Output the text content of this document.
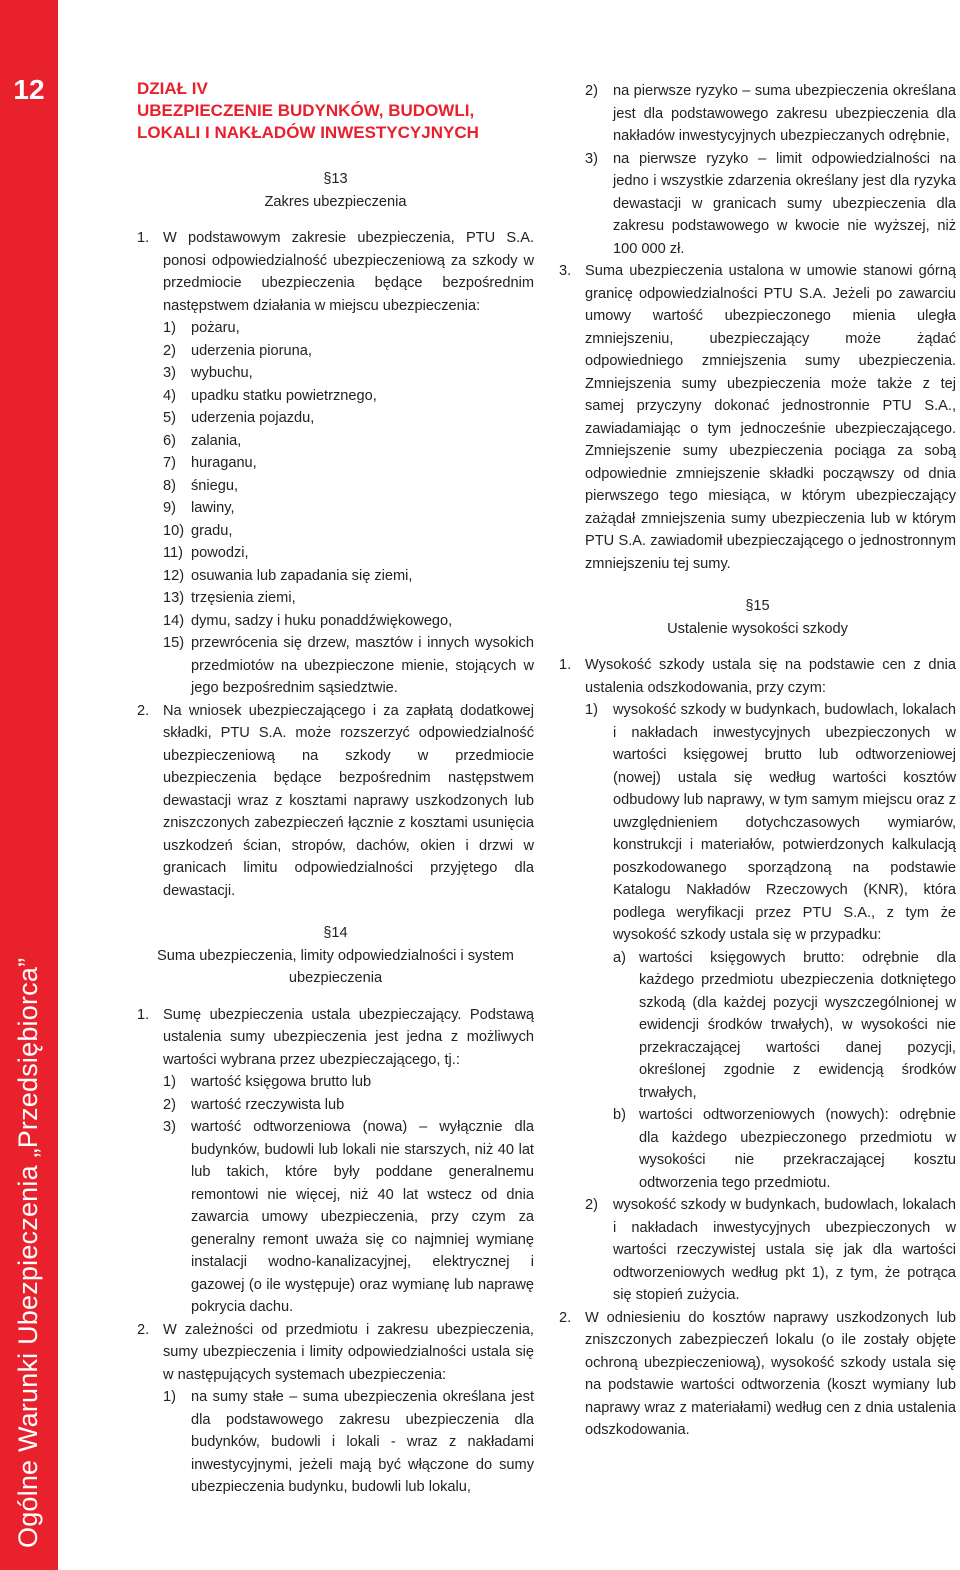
12
Ogólne Warunki Ubezpieczenia „Przedsiębiorca”
DZIAŁ IV
UBEZPIECZENIE BUDYNKÓW, BUDOWLI,
LOKALI I NAKŁADÓW INWESTYCYJNYCH
§13
Zakres ubezpieczenia
1. W podstawowym zakresie ubezpieczenia, PTU S.A. ponosi odpowiedzialność ubezpieczeniową za szkody w przedmiocie ubezpieczenia będące bezpośrednim następstwem działania w miejscu ubezpieczenia:
1) pożaru,
2) uderzenia pioruna,
3) wybuchu,
4) upadku statku powietrznego,
5) uderzenia pojazdu,
6) zalania,
7) huraganu,
8) śniegu,
9) lawiny,
10) gradu,
11) powodzi,
12) osuwania lub zapadania się ziemi,
13) trzęsienia ziemi,
14) dymu, sadzy i huku ponaddźwiękowego,
15) przewrócenia się drzew, masztów i innych wysokich przedmiotów na ubezpieczone mienie, stojących w jego bezpośrednim sąsiedztwie.
2. Na wniosek ubezpieczającego i za zapłatą dodatkowej składki, PTU S.A. może rozszerzyć odpowiedzialność ubezpieczeniową na szkody w przedmiocie ubezpieczenia będące bezpośrednim następstwem dewastacji wraz z kosztami naprawy uszkodzonych lub zniszczonych zabezpieczeń łącznie z kosztami usunięcia uszkodzeń ścian, stropów, dachów, okien i drzwi w granicach limitu odpowiedzialności przyjętego dla dewastacji.
§14
Suma ubezpieczenia, limity odpowiedzialności i system ubezpieczenia
1. Sumę ubezpieczenia ustala ubezpieczający. Podstawą ustalenia sumy ubezpieczenia jest jedna z możliwych wartości wybrana przez ubezpieczającego, tj.:
1) wartość księgowa brutto lub
2) wartość rzeczywista lub
3) wartość odtworzeniowa (nowa) – wyłącznie dla budynków, budowli lub lokali nie starszych, niż 40 lat lub takich, które były poddane generalnemu remontowi nie więcej, niż 40 lat wstecz od dnia zawarcia umowy ubezpieczenia, przy czym za generalny remont uważa się co najmniej wymianę instalacji wodno-kanalizacyjnej, elektrycznej i gazowej (o ile występuje) oraz wymianę lub naprawę pokrycia dachu.
2. W zależności od przedmiotu i zakresu ubezpieczenia, sumy ubezpieczenia i limity odpowiedzialności ustala się w następujących systemach ubezpieczenia:
1) na sumy stałe – suma ubezpieczenia określana jest dla podstawowego zakresu ubezpieczenia dla budynków, budowli i lokali - wraz z nakładami inwestycyjnymi, jeżeli mają być włączone do sumy ubezpieczenia budynku, budowli lub lokalu,
2) na pierwsze ryzyko – suma ubezpieczenia określana jest dla podstawowego zakresu ubezpieczenia dla nakładów inwestycyjnych ubezpieczanych odrębnie,
3) na pierwsze ryzyko – limit odpowiedzialności na jedno i wszystkie zdarzenia określany jest dla ryzyka dewastacji w granicach sumy ubezpieczenia dla zakresu podstawowego w kwocie nie wyższej, niż 100 000 zł.
3. Suma ubezpieczenia ustalona w umowie stanowi górną granicę odpowiedzialności PTU S.A. Jeżeli po zawarciu umowy wartość ubezpieczonego mienia uległa zmniejszeniu, ubezpieczający może żądać odpowiedniego zmniejszenia sumy ubezpieczenia. Zmniejszenia sumy ubezpieczenia może także z tej samej przyczyny dokonać jednostronnie PTU S.A., zawiadamiając o tym jednocześnie ubezpieczającego. Zmniejszenie sumy ubezpieczenia pociąga za sobą odpowiednie zmniejszenie składki począwszy od dnia pierwszego tego miesiąca, w którym ubezpieczający zażądał zmniejszenia sumy ubezpieczenia lub w którym PTU S.A. zawiadomił ubezpieczającego o jednostronnym zmniejszeniu tej sumy.
§15
Ustalenie wysokości szkody
1. Wysokość szkody ustala się na podstawie cen z dnia ustalenia odszkodowania, przy czym:
1) wysokość szkody w budynkach, budowlach, lokalach i nakładach inwestycyjnych ubezpieczonych w wartości księgowej brutto lub odtworzeniowej (nowej) ustala się według wartości kosztów odbudowy lub naprawy, w tym samym miejscu oraz z uwzględnieniem dotychczasowych wymiarów, konstrukcji i materiałów, potwierdzonych kalkulacją poszkodowanego sporządzoną na podstawie Katalogu Nakładów Rzeczowych (KNR), która podlega weryfikacji przez PTU S.A., z tym że wysokość szkody ustala się w przypadku:
a) wartości księgowych brutto: odrębnie dla każdego przedmiotu ubezpieczenia dotkniętego szkodą (dla każdej pozycji wyszczególnionej w ewidencji środków trwałych), w wysokości nie przekraczającej wartości danej pozycji, określonej zgodnie z ewidencją środków trwałych,
b) wartości odtworzeniowych (nowych): odrębnie dla każdego ubezpieczonego przedmiotu w wysokości nie przekraczającej kosztu odtworzenia tego przedmiotu.
2) wysokość szkody w budynkach, budowlach, lokalach i nakładach inwestycyjnych ubezpieczonych w wartości rzeczywistej ustala się jak dla wartości odtworzeniowych według pkt 1), z tym, że potrąca się stopień zużycia.
2. W odniesieniu do kosztów naprawy uszkodzonych lub zniszczonych zabezpieczeń lokalu (o ile zostały objęte ochroną ubezpieczeniową), wysokość szkody ustala się na podstawie wartości odtworzenia (koszt wymiany lub naprawy wraz z materiałami) według cen z dnia ustalenia odszkodowania.
